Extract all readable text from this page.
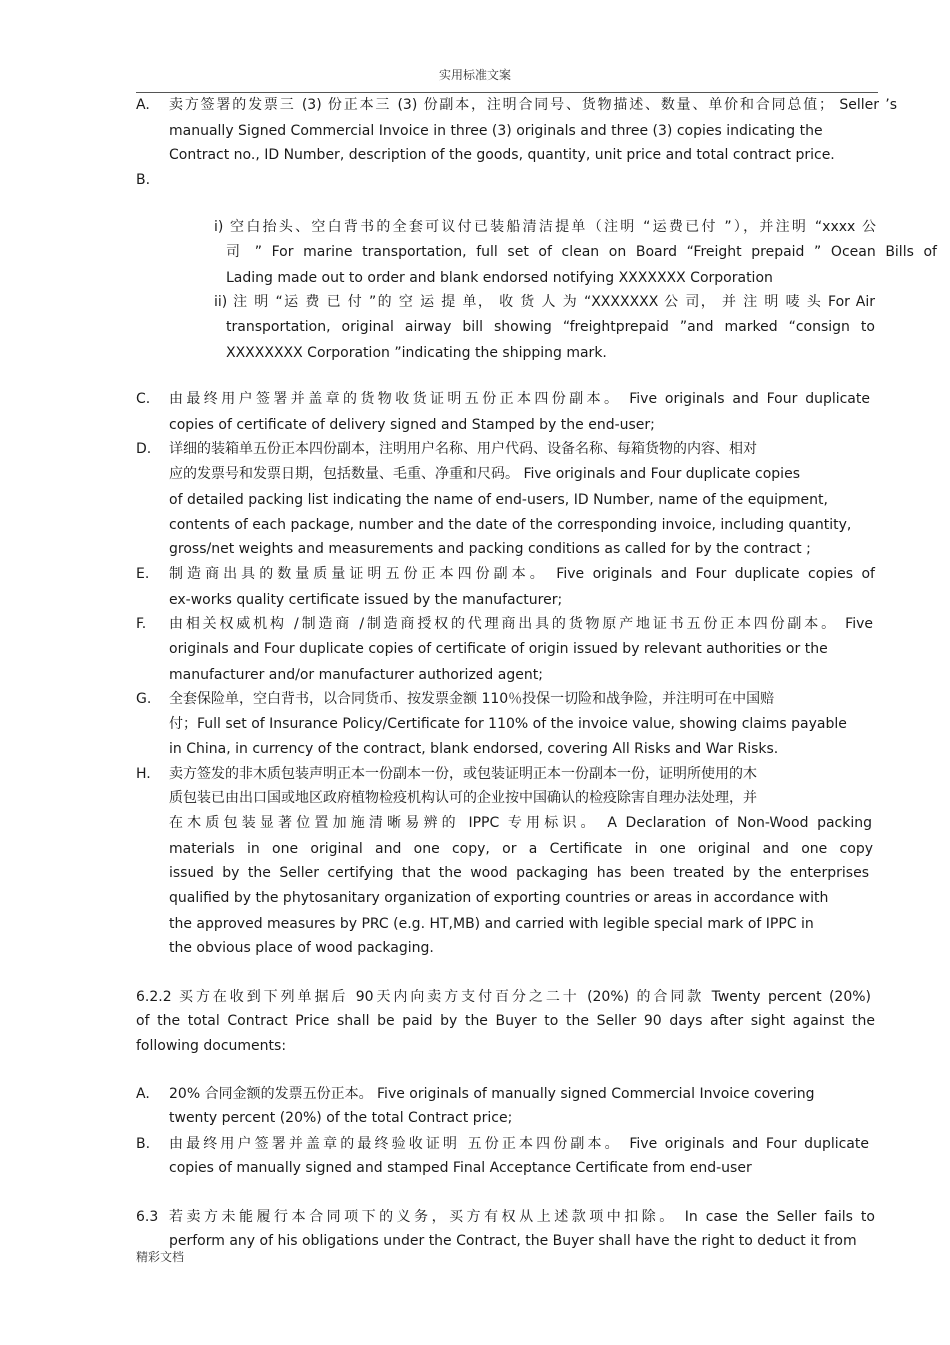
实用标准文案
A. 卖方签署的发票三 (3) 份正本三 (3) 份副本，注明合同号、货物描述、数量、单价和合同总值； Seller ’s
manually Signed Commercial Invoice in three (3) originals and three (3) copies indicating the
Contract no., ID Number, description of the goods, quantity, unit price and total contract price.
B.
i) 空白抬头、空白背书的全套可议付已装船清洁提单（注明 “运费已付 ”），并注明 “xxxx 公
司 ” For marine transportation, full set of clean on Board “Freight prepaid ” Ocean Bills of
Lading made out to order and blank endorsed notifying XXXXXXX Corporation
ii) 注 明 “运 费 已 付 ”的 空 运 提 单， 收 货 人 为 “XXXXXXX 公 司， 并 注 明 唛 头 For Air
transportation, original airway bill showing “freightprepaid ”and marked “consign to
XXXXXXXX Corporation ”indicating the shipping mark.
C. 由最终用户签署并盖章的货物收货证明五份正本四份副本。 Five originals and Four duplicate
copies of certificate of delivery signed and Stamped by the end-user;
D. 详细的装箱单五份正本四份副本，注明用户名称、用户代码、设备名称、每箱货物的内容、相对
应的发票号和发票日期，包括数量、毛重、净重和尺码。 Five originals and Four duplicate copies
of detailed packing list indicating the name of end-users, ID Number, name of the equipment,
contents of each package, number and the date of the corresponding invoice, including quantity,
gross/net weights and measurements and packing conditions as called for by the contract ;
E. 制造商出具的数量质量证明五份正本四份副本。 Five originals and Four duplicate copies of
ex-works quality certificate issued by the manufacturer;
F. 由相关权威机构 /制造商 /制造商授权的代理商出具的货物原产地证书五份正本四份副本。 Five
originals and Four duplicate copies of certificate of origin issued by relevant authorities or the
manufacturer and/or manufacturer authorized agent;
G. 全套保险单，空白背书，以合同货币、按发票金额 110％投保一切险和战争险，并注明可在中国赔
付；Full set of Insurance Policy/Certificate for 110% of the invoice value, showing claims payable
in China, in currency of the contract, blank endorsed, covering All Risks and War Risks.
H. 卖方签发的非木质包装声明正本一份副本一份，或包装证明正本一份副本一份，证明所使用的木
质包装已由出口国或地区政府植物检疫机构认可的企业按中国确认的检疫除害自理办法处理，并
在木质包装显著位置加施清晰易辨的 IPPC 专用标识。 A Declaration of Non-Wood packing
materials in one original and one copy, or a Certificate in one original and one copy
issued by the Seller certifying that the wood packaging has been treated by the enterprises
qualified by the phytosanitary organization of exporting countries or areas in accordance with
the approved measures by PRC (e.g. HT,MB) and carried with legible special mark of IPPC in
the obvious place of wood packaging.
6.2.2 买方在收到下列单据后 90天内向卖方支付百分之二十 (20%) 的合同款 Twenty percent (20%)
of the total Contract Price shall be paid by the Buyer to the Seller 90 days after sight against the
following documents:
A. 20% 合同金额的发票五份正本。 Five originals of manually signed Commercial Invoice covering
twenty percent (20%) of the total Contract price;
B. 由最终用户签署并盖章的最终验收证明 五份正本四份副本。 Five originals and Four duplicate
copies of manually signed and stamped Final Acceptance Certificate from end-user
6.3 若卖方未能履行本合同项下的义务，买方有权从上述款项中扣除。 In case the Seller fails to
perform any of his obligations under the Contract, the Buyer shall have the right to deduct it from
精彩文档
